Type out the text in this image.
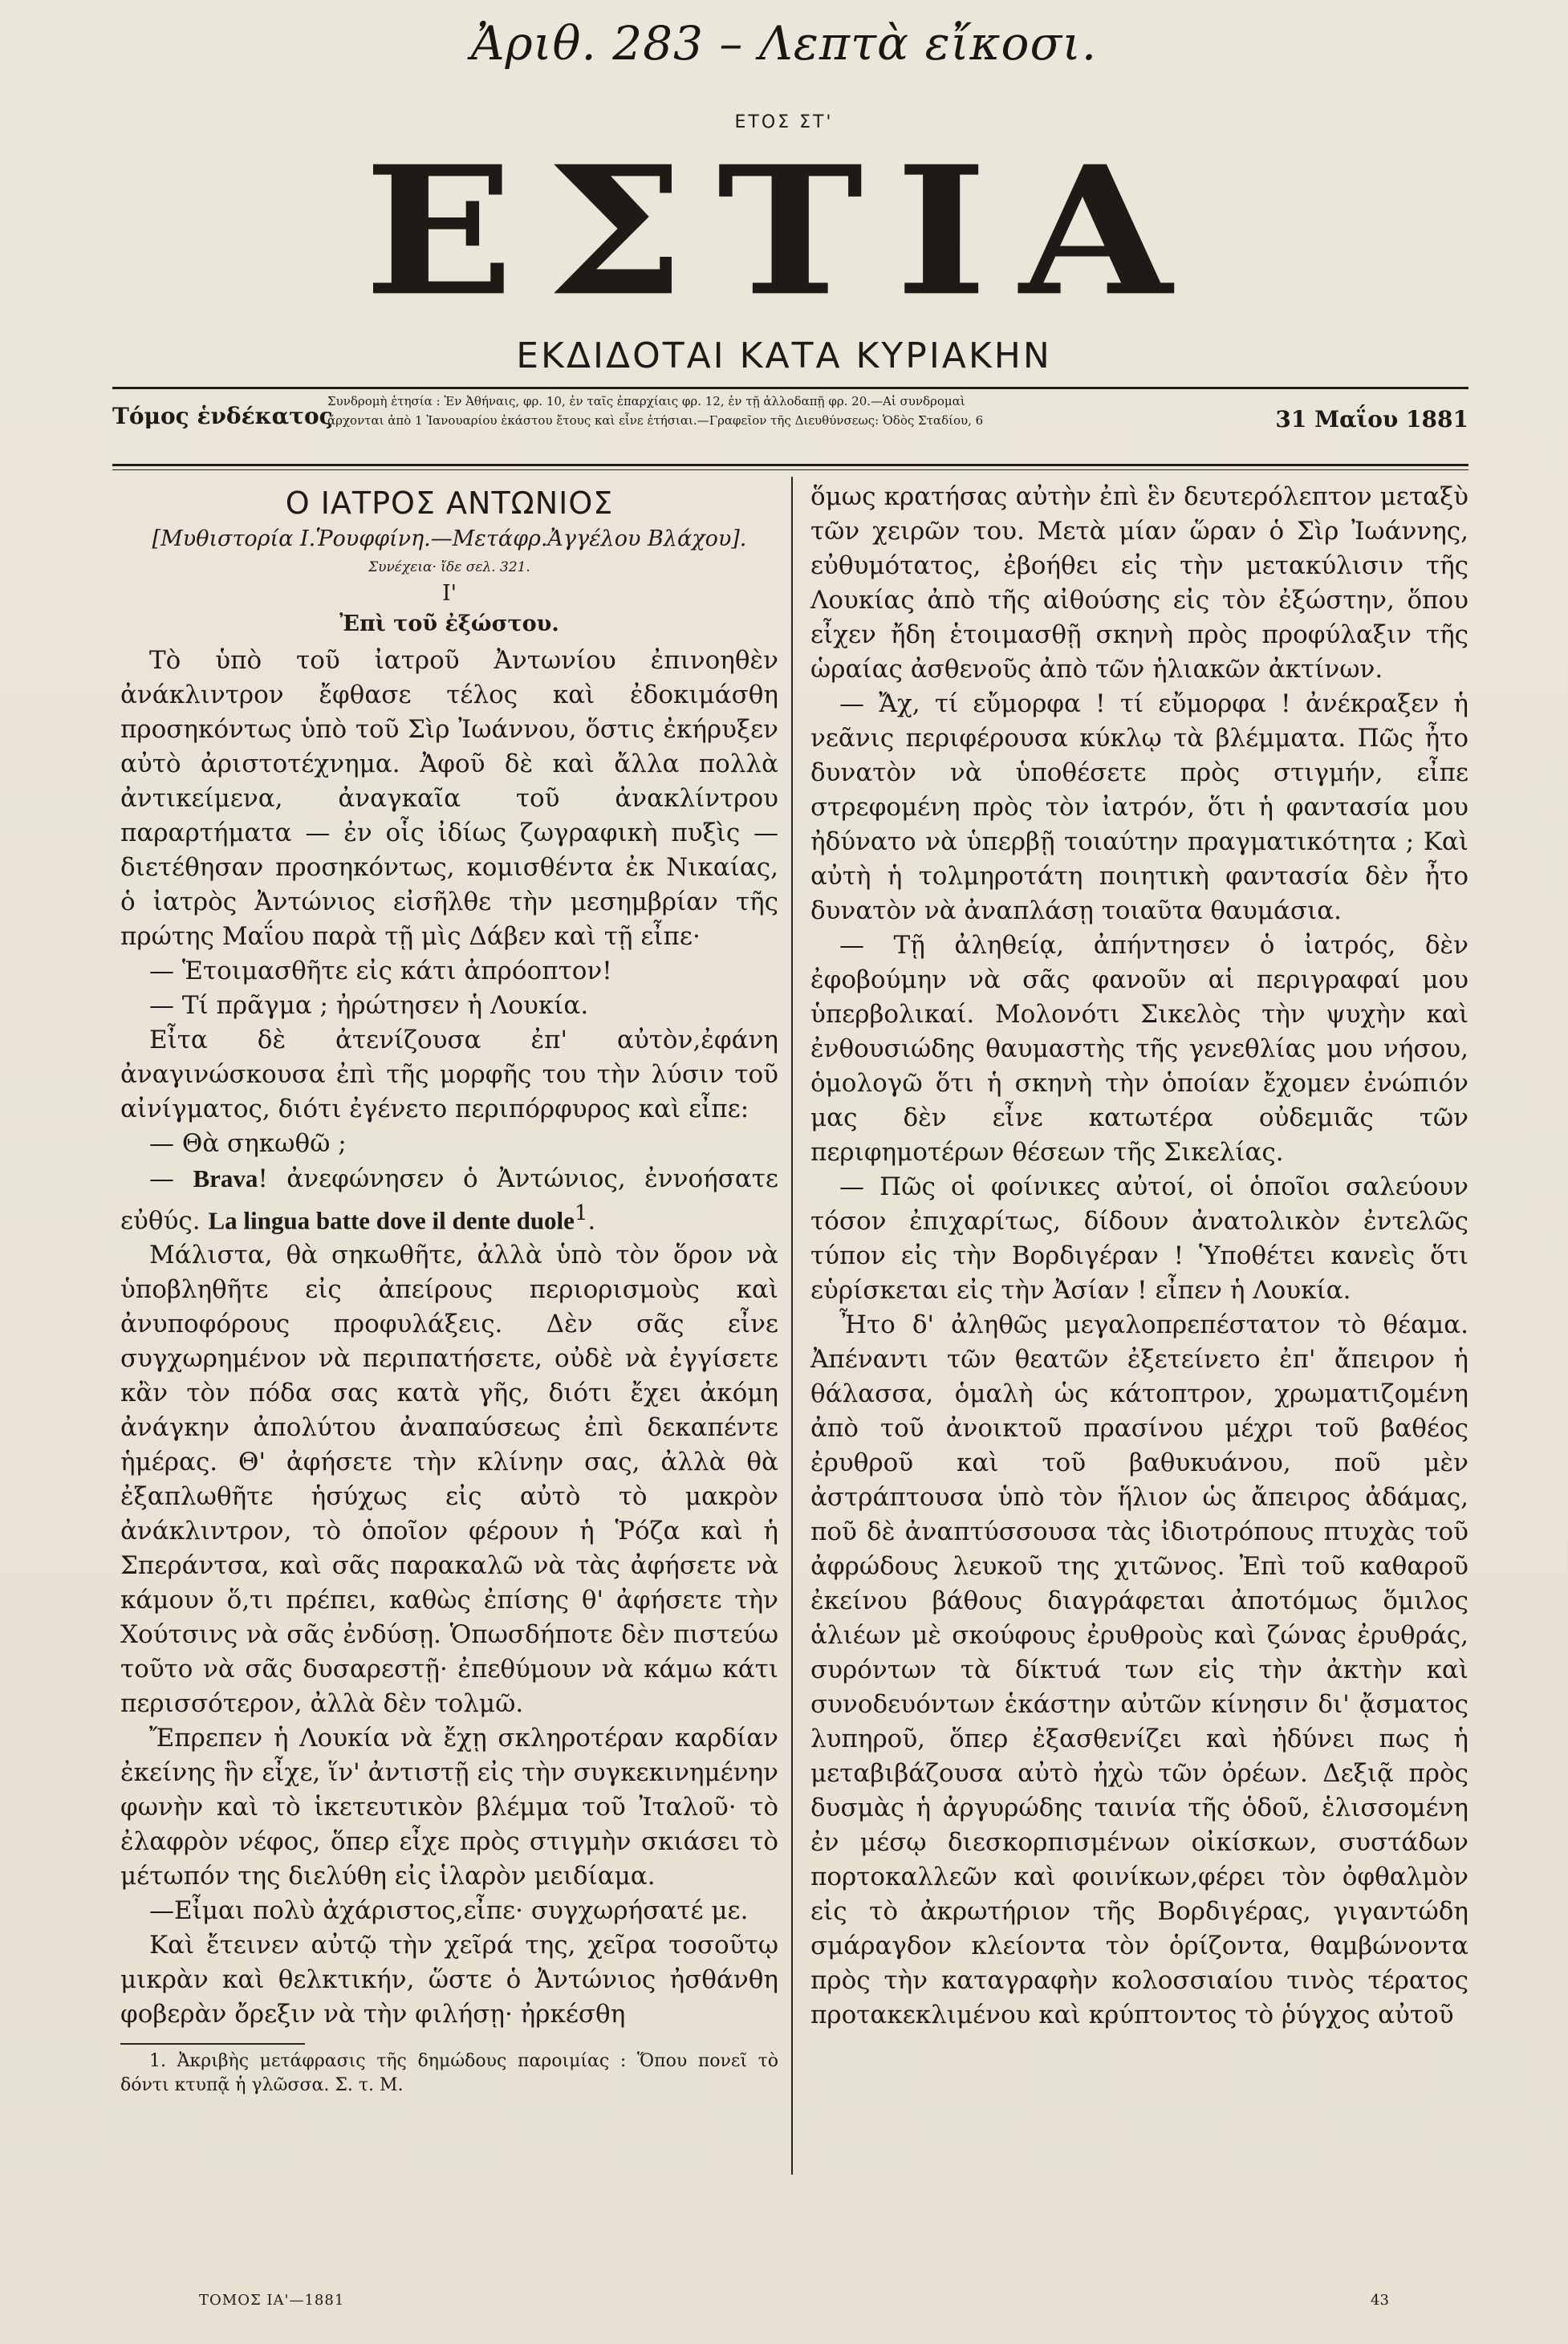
Ἀριθ. 283 – Λεπτὰ εἴκοσι.
ΕΤΟΣ ΣΤ'
ΕΣΤΙΑ
ΕΚΔΙΔΟΤΑΙ ΚΑΤΑ ΚΥΡΙΑΚΗΝ
Τόμος ἑνδέκατος
Συνδρομὴ ἐτησία : Ἐν Ἀθήναις, φρ. 10, ἐν ταῖς ἐπαρχίαις φρ. 12, ἐν τῇ ἀλλοδαπῇ φρ. 20.—Αἱ συνδρομαὶ
ἄρχονται ἀπὸ 1 Ἰανουαρίου ἑκάστου ἔτους καὶ εἶνε ἐτήσιαι.—Γραφεῖον τῆς Διευθύνσεως: Ὁδὸς Σταδίου, 6	31 Μαΐου 1881
Ο ΙΑΤΡΟΣ ΑΝΤΩΝΙΟΣ
[Μυθιστορία Ι.Ῥουφφίνη.—Μετάφρ.Ἀγγέλου Βλάχου].
Συνέχεια· ἴδε σελ. 321.
Ι'
Ἐπὶ τοῦ ἐξώστου.

Τὸ ὑπὸ τοῦ ἰατροῦ Ἀντωνίου ἐπινοηθὲν ἀνάκλιντρον ἔφθασε τέλος καὶ ἐδοκιμάσθη προσηκόντως ὑπὸ τοῦ Σὶρ Ἰωάννου, ὅστις ἐκήρυξεν αὐτὸ ἀριστοτέχνημα. Ἀφοῦ δὲ καὶ ἄλλα πολλὰ ἀντικείμενα, ἀναγκαῖα τοῦ ἀνακλίντρου παραρτήματα — ἐν οἷς ἰδίως ζωγραφικὴ πυξὶς — διετέθησαν προσηκόντως, κομισθέντα ἐκ Νικαίας, ὁ ἰατρὸς Ἀντώνιος εἰσῆλθε τὴν μεσημβρίαν τῆς πρώτης Μαΐου παρὰ τῇ μὶς Δάβεν καὶ τῇ εἶπε·

— Ἑτοιμασθῆτε εἰς κάτι ἀπρόοπτον!

— Τί πρᾶγμα ; ἠρώτησεν ἡ Λουκία.

Εἶτα δὲ ἀτενίζουσα ἐπ' αὐτὸν,ἐφάνη ἀναγινώσκουσα ἐπὶ τῆς μορφῆς του τὴν λύσιν τοῦ αἰνίγματος, διότι ἐγένετο περιπόρφυρος καὶ εἶπε:

— Θὰ σηκωθῶ ;

— Brava! ἀνεφώνησεν ὁ Ἀντώνιος, ἐννοήσατε εὐθύς. La lingua batte dove il dente duole$^1$.

Μάλιστα, θὰ σηκωθῆτε, ἀλλὰ ὑπὸ τὸν ὅρον νὰ ὑποβληθῆτε εἰς ἀπείρους περιορισμοὺς καὶ ἀνυποφόρους προφυλάξεις. Δὲν σᾶς εἶνε συγχωρημένον νὰ περιπατήσετε, οὐδὲ νὰ ἐγγίσετε κἂν τὸν πόδα σας κατὰ γῆς, διότι ἔχει ἀκόμη ἀνάγκην ἀπολύτου ἀναπαύσεως ἐπὶ δεκαπέντε ἡμέρας. Θ' ἀφήσετε τὴν κλίνην σας, ἀλλὰ θὰ ἐξαπλωθῆτε ἡσύχως εἰς αὐτὸ τὸ μακρὸν ἀνάκλιντρον, τὸ ὁποῖον φέρουν ἡ Ῥόζα καὶ ἡ Σπεράντσα, καὶ σᾶς παρακαλῶ νὰ τὰς ἀφήσετε νὰ κάμουν ὅ,τι πρέπει, καθὼς ἐπίσης θ' ἀφήσετε τὴν Χούτσινς νὰ σᾶς ἐνδύσῃ. Ὁπωσδήποτε δὲν πιστεύω τοῦτο νὰ σᾶς δυσαρεστῇ· ἐπεθύμουν νὰ κάμω κάτι περισσότερον, ἀλλὰ δὲν τολμῶ.

Ἔπρεπεν ἡ Λουκία νὰ ἔχῃ σκληροτέραν καρδίαν ἐκείνης ἣν εἶχε, ἵν' ἀντιστῇ εἰς τὴν συγκεκινημένην φωνὴν καὶ τὸ ἱκετευτικὸν βλέμμα τοῦ Ἰταλοῦ· τὸ ἐλαφρὸν νέφος, ὅπερ εἶχε πρὸς στιγμὴν σκιάσει τὸ μέτωπόν της διελύθη εἰς ἱλαρὸν μειδίαμα.

—Εἶμαι πολὺ ἀχάριστος,εἶπε· συγχωρήσατέ με.

Καὶ ἔτεινεν αὐτῷ τὴν χεῖρά της, χεῖρα τοσοῦτῳ μικρὰν καὶ θελκτικήν, ὥστε ὁ Ἀντώνιος ἠσθάνθη φοβερὰν ὄρεξιν νὰ τὴν φιλήσῃ· ἠρκέσθη

1. Ἀκριβὴς μετάφρασις τῆς δημώδους παροιμίας : Ὅπου πονεῖ τὸ δόντι κτυπᾷ ἡ γλῶσσα. Σ. τ. Μ.

ὅμως κρατήσας αὐτὴν ἐπὶ ἓν δευτερόλεπτον μεταξὺ τῶν χειρῶν του. Μετὰ μίαν ὥραν ὁ Σὶρ Ἰωάννης, εὐθυμότατος, ἐβοήθει εἰς τὴν μετακύλισιν τῆς Λουκίας ἀπὸ τῆς αἰθούσης εἰς τὸν ἐξώστην, ὅπου εἶχεν ἤδη ἑτοιμασθῇ σκηνὴ πρὸς προφύλαξιν τῆς ὡραίας ἀσθενοῦς ἀπὸ τῶν ἡλιακῶν ἀκτίνων.

— Ἄχ, τί εὔμορφα ! τί εὔμορφα ! ἀνέκραξεν ἡ νεᾶνις περιφέρουσα κύκλῳ τὰ βλέμματα. Πῶς ἦτο δυνατὸν νὰ ὑποθέσετε πρὸς στιγμήν, εἶπε στρεφομένη πρὸς τὸν ἰατρόν, ὅτι ἡ φαντασία μου ἠδύνατο νὰ ὑπερβῇ τοιαύτην πραγματικότητα ; Καὶ αὐτὴ ἡ τολμηροτάτη ποιητικὴ φαντασία δὲν ἦτο δυνατὸν νὰ ἀναπλάσῃ τοιαῦτα θαυμάσια.

— Τῇ ἀληθείᾳ, ἀπήντησεν ὁ ἰατρός, δὲν ἐφοβούμην νὰ σᾶς φανοῦν αἱ περιγραφαί μου ὑπερβολικαί. Μολονότι Σικελὸς τὴν ψυχὴν καὶ ἐνθουσιώδης θαυμαστὴς τῆς γενεθλίας μου νήσου, ὁμολογῶ ὅτι ἡ σκηνὴ τὴν ὁποίαν ἔχομεν ἐνώπιόν μας δὲν εἶνε κατωτέρα οὐδεμιᾶς τῶν περιφημοτέρων θέσεων τῆς Σικελίας.

— Πῶς οἱ φοίνικες αὐτοί, οἱ ὁποῖοι σαλεύουν τόσον ἐπιχαρίτως, δίδουν ἀνατολικὸν ἐντελῶς τύπον εἰς τὴν Βορδιγέραν ! Ὑποθέτει κανεὶς ὅτι εὑρίσκεται εἰς τὴν Ἀσίαν ! εἶπεν ἡ Λουκία.

Ἦτο δ' ἀληθῶς μεγαλοπρεπέστατον τὸ θέαμα. Ἀπέναντι τῶν θεατῶν ἐξετείνετο ἐπ' ἄπειρον ἡ θάλασσα, ὁμαλὴ ὡς κάτοπτρον, χρωματιζομένη ἀπὸ τοῦ ἀνοικτοῦ πρασίνου μέχρι τοῦ βαθέος ἐρυθροῦ καὶ τοῦ βαθυκυάνου, ποῦ μὲν ἀστράπτουσα ὑπὸ τὸν ἥλιον ὡς ἄπειρος ἀδάμας, ποῦ δὲ ἀναπτύσσουσα τὰς ἰδιοτρόπους πτυχὰς τοῦ ἀφρώδους λευκοῦ της χιτῶνος. Ἐπὶ τοῦ καθαροῦ ἐκείνου βάθους διαγράφεται ἀποτόμως ὅμιλος ἁλιέων μὲ σκούφους ἐρυθροὺς καὶ ζώνας ἐρυθράς, συρόντων τὰ δίκτυά των εἰς τὴν ἀκτὴν καὶ συνοδευόντων ἑκάστην αὐτῶν κίνησιν δι' ᾄσματος λυπηροῦ, ὅπερ ἐξασθενίζει καὶ ἠδύνει πως ἡ μεταβιβάζουσα αὐτὸ ἠχὼ τῶν ὀρέων. Δεξιᾷ πρὸς δυσμὰς ἡ ἀργυρώδης ταινία τῆς ὁδοῦ, ἑλισσομένη ἐν μέσῳ διεσκορπισμένων οἰκίσκων, συστάδων πορτοκαλλεῶν καὶ φοινίκων,φέρει τὸν ὀφθαλμὸν εἰς τὸ ἀκρωτήριον τῆς Βορδιγέρας, γιγαντώδη σμάραγδον κλείοντα τὸν ὁρίζοντα, θαμβώνοντα πρὸς τὴν καταγραφὴν κολοσσιαίου τινὸς τέρατος προτακεκλιμένου καὶ κρύπτοντος τὸ ῥύγχος αὐτοῦ

ΤΟΜΟΣ ΙΑ'—1881	43
